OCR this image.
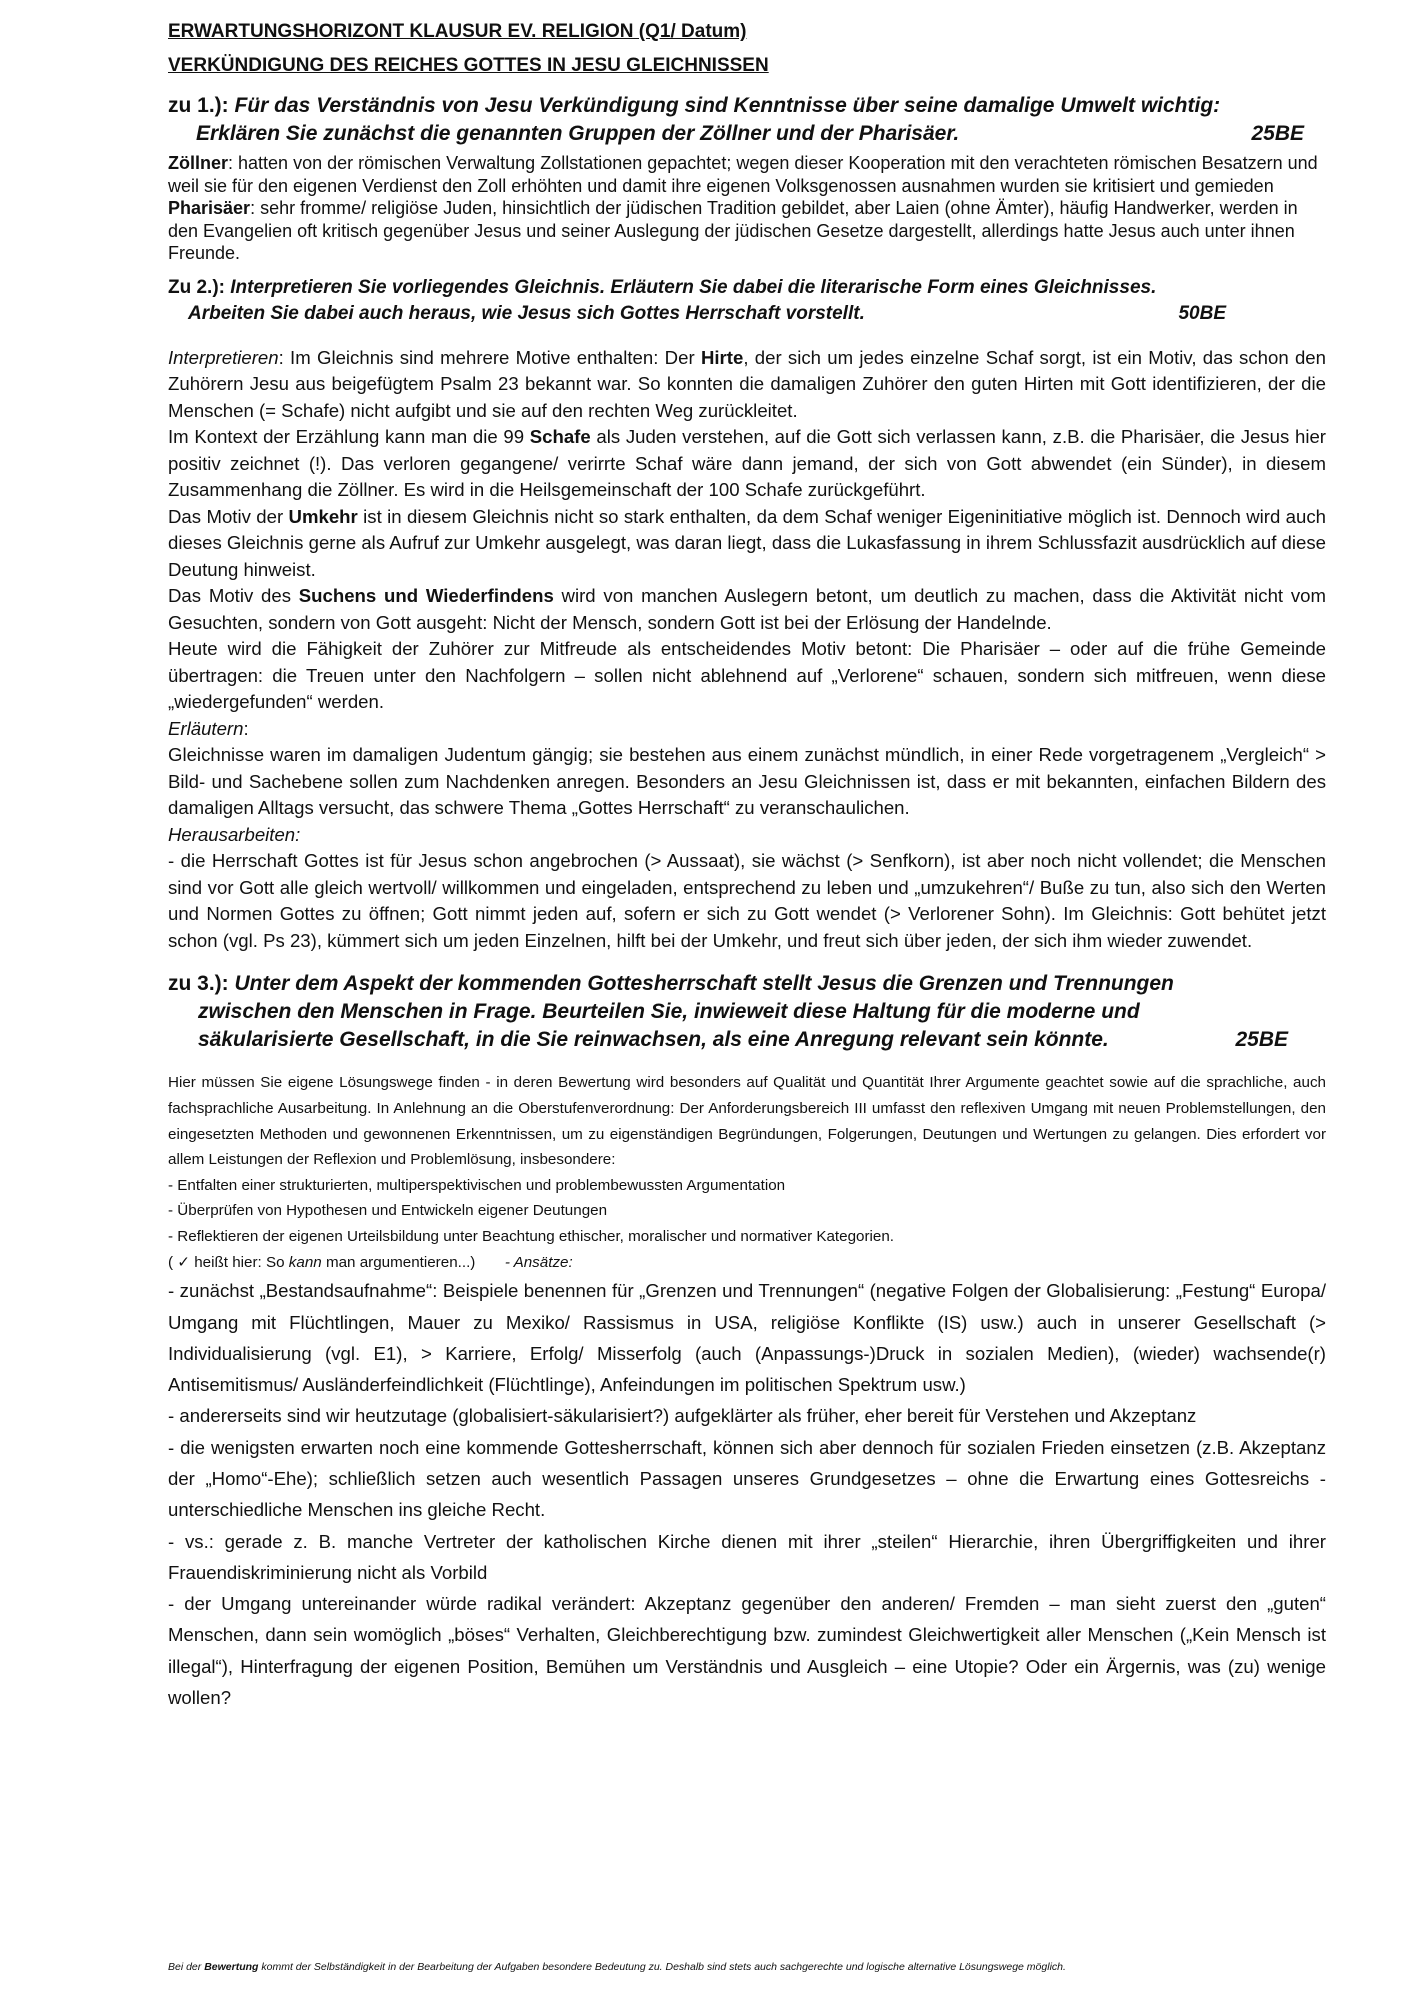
ERWARTUNGSHORIZONT KLAUSUR EV. RELIGION (Q1/ Datum)

VERKÜNDIGUNG DES REICHES GOTTES IN JESU GLEICHNISSEN

zu 1.): Für das Verständnis von Jesu Verkündigung sind Kenntnisse über seine damalige Umwelt wichtig:
Erklären Sie zunächst die genannten Gruppen der Zöllner und der Pharisäer.	25BE

Zöllner: hatten von der römischen Verwaltung Zollstationen gepachtet; wegen dieser Kooperation mit den verachteten römischen Besatzern und weil sie für den eigenen Verdienst den Zoll erhöhten und damit ihre eigenen Volksgenossen ausnahmen wurden sie kritisiert und gemieden

Pharisäer: sehr fromme/ religiöse Juden, hinsichtlich der jüdischen Tradition gebildet, aber Laien (ohne Ämter), häufig Handwerker, werden in den Evangelien oft kritisch gegenüber Jesus und seiner Auslegung der jüdischen Gesetze dargestellt, allerdings hatte Jesus auch unter ihnen Freunde.

Zu 2.): Interpretieren Sie vorliegendes Gleichnis. Erläutern Sie dabei die literarische Form eines Gleichnisses.
Arbeiten Sie dabei auch heraus, wie Jesus sich Gottes Herrschaft vorstellt.	50BE

Interpretieren: Im Gleichnis sind mehrere Motive enthalten: Der Hirte, der sich um jedes einzelne Schaf sorgt, ist ein Motiv, das schon den Zuhörern Jesu aus beigefügtem Psalm 23 bekannt war. So konnten die damaligen Zuhörer den guten Hirten mit Gott identifizieren, der die Menschen (= Schafe) nicht aufgibt und sie auf den rechten Weg zurückleitet.

Im Kontext der Erzählung kann man die 99 Schafe als Juden verstehen, auf die Gott sich verlassen kann, z.B. die Pharisäer, die Jesus hier positiv zeichnet (!). Das verloren gegangene/ verirrte Schaf wäre dann jemand, der sich von Gott abwendet (ein Sünder), in diesem Zusammenhang die Zöllner. Es wird in die Heilsgemeinschaft der 100 Schafe zurückgeführt.

Das Motiv der Umkehr ist in diesem Gleichnis nicht so stark enthalten, da dem Schaf weniger Eigeninitiative möglich ist. Dennoch wird auch dieses Gleichnis gerne als Aufruf zur Umkehr ausgelegt, was daran liegt, dass die Lukasfassung in ihrem Schlussfazit ausdrücklich auf diese Deutung hinweist.

Das Motiv des Suchens und Wiederfindens wird von manchen Auslegern betont, um deutlich zu machen, dass die Aktivität nicht vom Gesuchten, sondern von Gott ausgeht: Nicht der Mensch, sondern Gott ist bei der Erlösung der Handelnde.

Heute wird die Fähigkeit der Zuhörer zur Mitfreude als entscheidendes Motiv betont: Die Pharisäer – oder auf die frühe Gemeinde übertragen: die Treuen unter den Nachfolgern – sollen nicht ablehnend auf „Verlorene“ schauen, sondern sich mitfreuen, wenn diese „wiedergefunden“ werden.

Erläutern:

Gleichnisse waren im damaligen Judentum gängig; sie bestehen aus einem zunächst mündlich, in einer Rede vorgetragenem „Vergleich“ > Bild- und Sachebene sollen zum Nachdenken anregen. Besonders an Jesu Gleichnissen ist, dass er mit bekannten, einfachen Bildern des damaligen Alltags versucht, das schwere Thema „Gottes Herrschaft“ zu veranschaulichen.

Herausarbeiten:

- die Herrschaft Gottes ist für Jesus schon angebrochen (> Aussaat), sie wächst (> Senfkorn), ist aber noch nicht vollendet; die Menschen sind vor Gott alle gleich wertvoll/ willkommen und eingeladen, entsprechend zu leben und „umzukehren“/ Buße zu tun, also sich den Werten und Normen Gottes zu öffnen; Gott nimmt jeden auf, sofern er sich zu Gott wendet (> Verlorener Sohn). Im Gleichnis: Gott behütet jetzt schon (vgl. Ps 23), kümmert sich um jeden Einzelnen, hilft bei der Umkehr, und freut sich über jeden, der sich ihm wieder zuwendet.

zu 3.): Unter dem Aspekt der kommenden Gottesherrschaft stellt Jesus die Grenzen und Trennungen
zwischen den Menschen in Frage. Beurteilen Sie, inwieweit diese Haltung für die moderne und
säkularisierte Gesellschaft, in die Sie reinwachsen, als eine Anregung relevant sein könnte.	25BE

Hier müssen Sie eigene Lösungswege finden - in deren Bewertung wird besonders auf Qualität und Quantität Ihrer Argumente geachtet sowie auf die sprachliche, auch fachsprachliche Ausarbeitung. In Anlehnung an die Oberstufenverordnung: Der Anforderungsbereich III umfasst den reflexiven Umgang mit neuen Problemstellungen, den eingesetzten Methoden und gewonnenen Erkenntnissen, um zu eigenständigen Begründungen, Folgerungen, Deutungen und Wertungen zu gelangen. Dies erfordert vor allem Leistungen der Reflexion und Problemlösung, insbesondere:

- Entfalten einer strukturierten, multiperspektivischen und problembewussten Argumentation

- Überprüfen von Hypothesen und Entwickeln eigener Deutungen

- Reflektieren der eigenen Urteilsbildung unter Beachtung ethischer, moralischer und normativer Kategorien.

( ✓ heißt hier: So kann man argumentieren...)       - Ansätze:

- zunächst „Bestandsaufnahme“: Beispiele benennen für „Grenzen und Trennungen“ (negative Folgen der Globalisierung: „Festung“ Europa/ Umgang mit Flüchtlingen, Mauer zu Mexiko/ Rassismus in USA, religiöse Konflikte (IS) usw.) auch in unserer Gesellschaft (> Individualisierung (vgl. E1), > Karriere, Erfolg/ Misserfolg (auch (Anpassungs-)Druck in sozialen Medien), (wieder) wachsende(r) Antisemitismus/ Ausländerfeindlichkeit (Flüchtlinge), Anfeindungen im politischen Spektrum usw.)

- andererseits sind wir heutzutage (globalisiert-säkularisiert?) aufgeklärter als früher, eher bereit für Verstehen und Akzeptanz

- die wenigsten erwarten noch eine kommende Gottesherrschaft, können sich aber dennoch für sozialen Frieden einsetzen (z.B. Akzeptanz der „Homo“-Ehe); schließlich setzen auch wesentlich Passagen unseres Grundgesetzes – ohne die Erwartung eines Gottesreichs - unterschiedliche Menschen ins gleiche Recht.

- vs.: gerade z. B. manche Vertreter der katholischen Kirche dienen mit ihrer „steilen“ Hierarchie, ihren Übergriffigkeiten und ihrer Frauendiskriminierung nicht als Vorbild

- der Umgang untereinander würde radikal verändert: Akzeptanz gegenüber den anderen/ Fremden – man sieht zuerst den „guten“ Menschen, dann sein womöglich „böses“ Verhalten, Gleichberechtigung bzw. zumindest Gleichwertigkeit aller Menschen („Kein Mensch ist illegal“), Hinterfragung der eigenen Position, Bemühen um Verständnis und Ausgleich – eine Utopie? Oder ein Ärgernis, was (zu) wenige wollen?

Bei der Bewertung kommt der Selbständigkeit in der Bearbeitung der Aufgaben besondere Bedeutung zu. Deshalb sind stets auch sachgerechte und logische alternative Lösungswege möglich.
